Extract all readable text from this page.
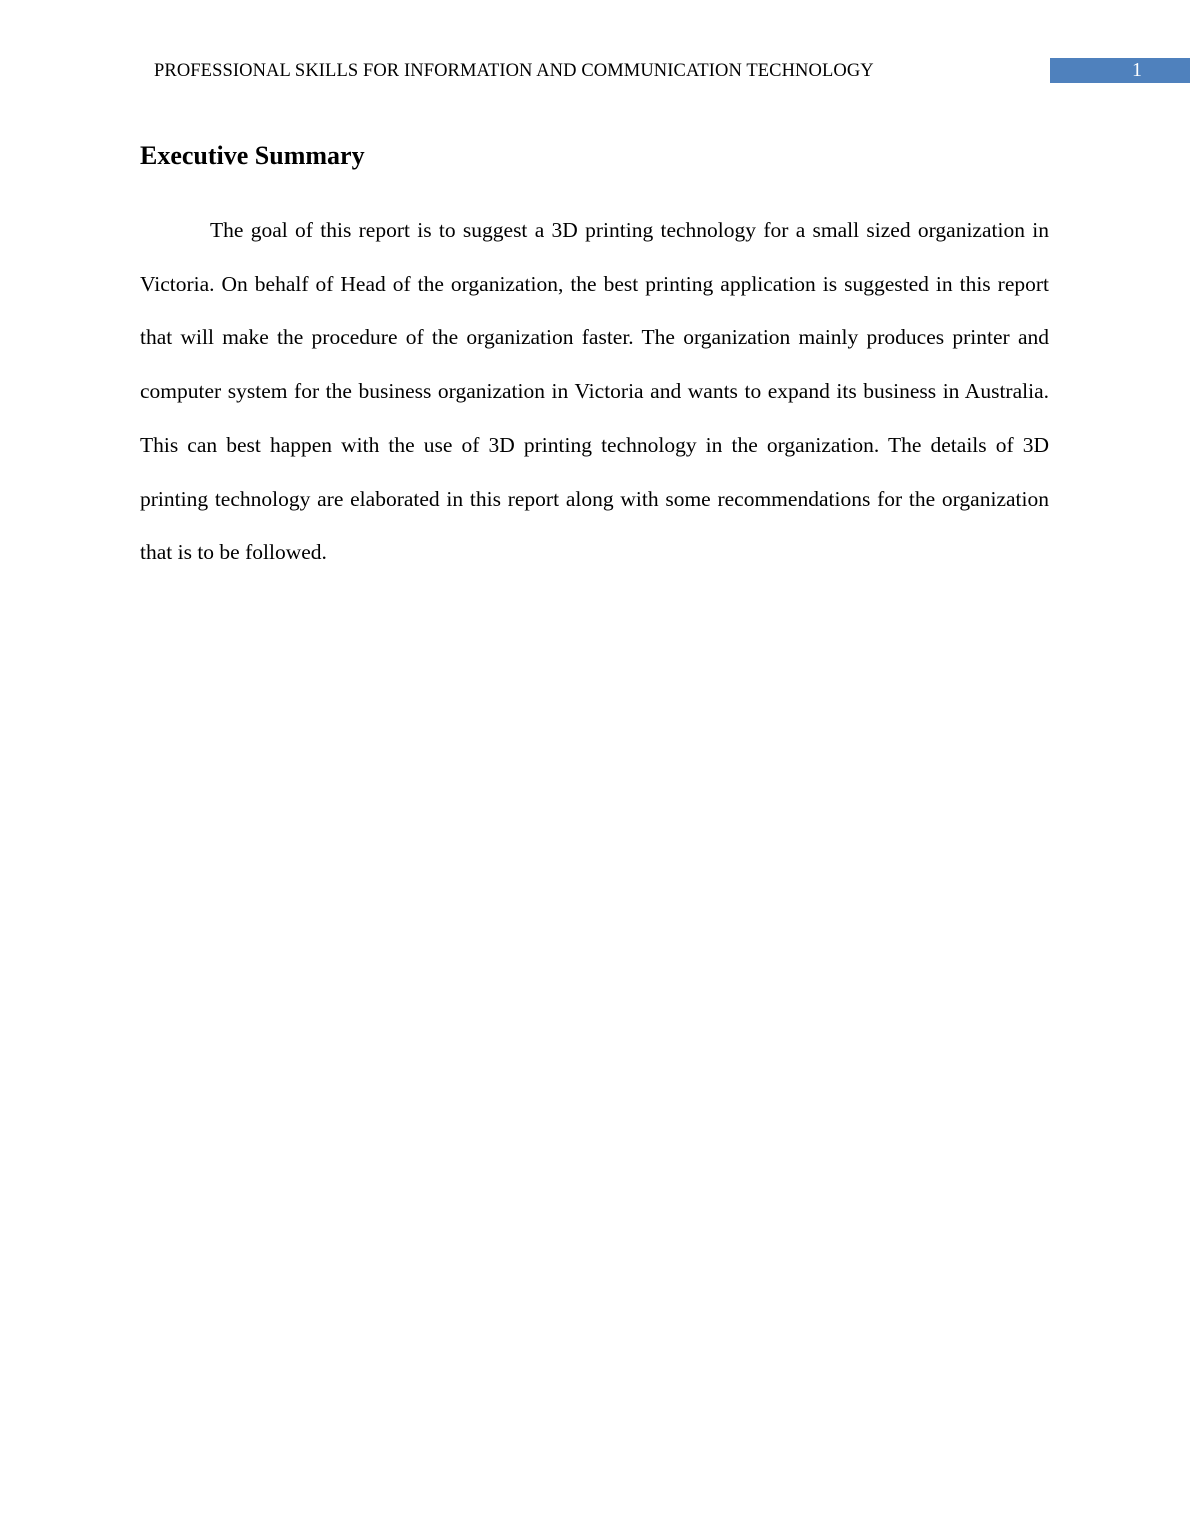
PROFESSIONAL SKILLS FOR INFORMATION AND COMMUNICATION TECHNOLOGY	1
Executive Summary

The goal of this report is to suggest a 3D printing technology for a small sized organization in Victoria. On behalf of Head of the organization, the best printing application is suggested in this report that will make the procedure of the organization faster. The organization mainly produces printer and computer system for the business organization in Victoria and wants to expand its business in Australia. This can best happen with the use of 3D printing technology in the organization. The details of 3D printing technology are elaborated in this report along with some recommendations for the organization that is to be followed.
